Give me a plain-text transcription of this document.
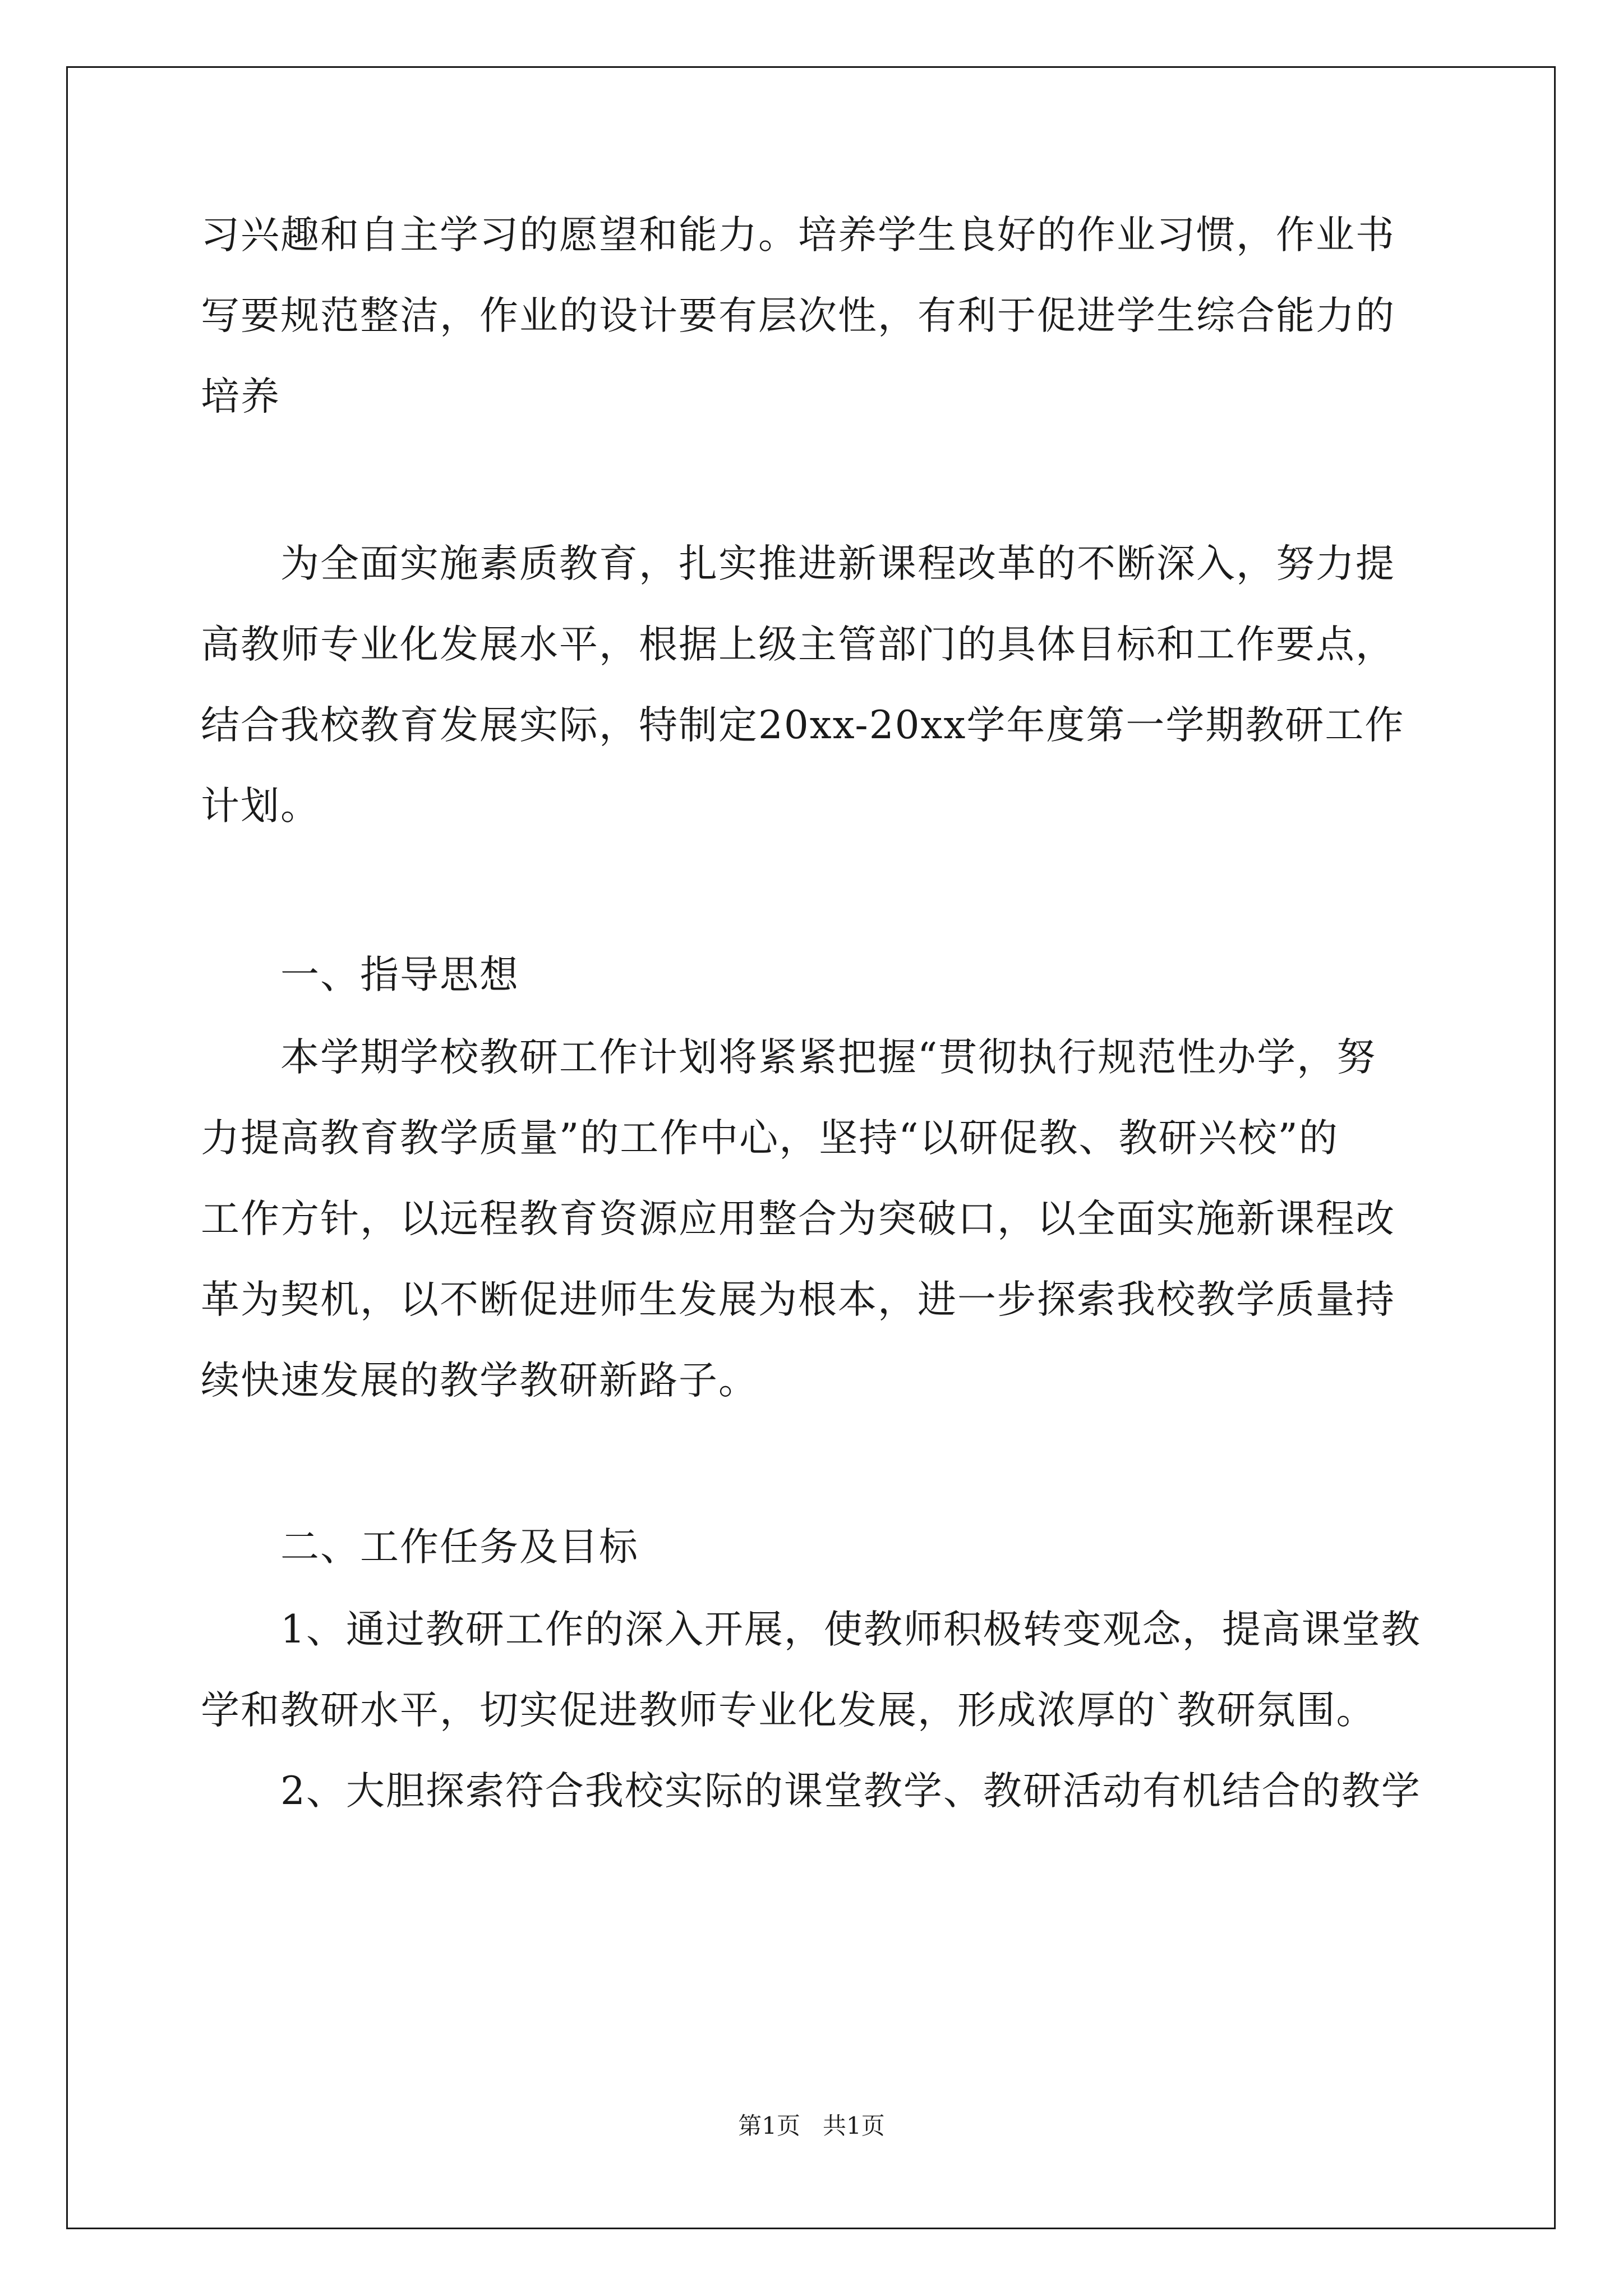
习兴趣和自主学习的愿望和能力。培养学生良好的作业习惯，作业书

写要规范整洁，作业的设计要有层次性，有利于促进学生综合能力的

培养

为全面实施素质教育，扎实推进新课程改革的不断深入，努力提

高教师专业化发展水平，根据上级主管部门的具体目标和工作要点，

结合我校教育发展实际，特制定20xx-20xx学年度第一学期教研工作

计划。

一、指导思想

本学期学校教研工作计划将紧紧把握“贯彻执行规范性办学，努

力提高教育教学质量”的工作中心，坚持“以研促教、教研兴校”的

工作方针，以远程教育资源应用整合为突破口，以全面实施新课程改

革为契机，以不断促进师生发展为根本，进一步探索我校教学质量持

续快速发展的教学教研新路子。

二、工作任务及目标

1、通过教研工作的深入开展，使教师积极转变观念，提高课堂教

学和教研水平，切实促进教师专业化发展，形成浓厚的`教研氛围。

2、大胆探索符合我校实际的课堂教学、教研活动有机结合的教学

第1页   共1页
